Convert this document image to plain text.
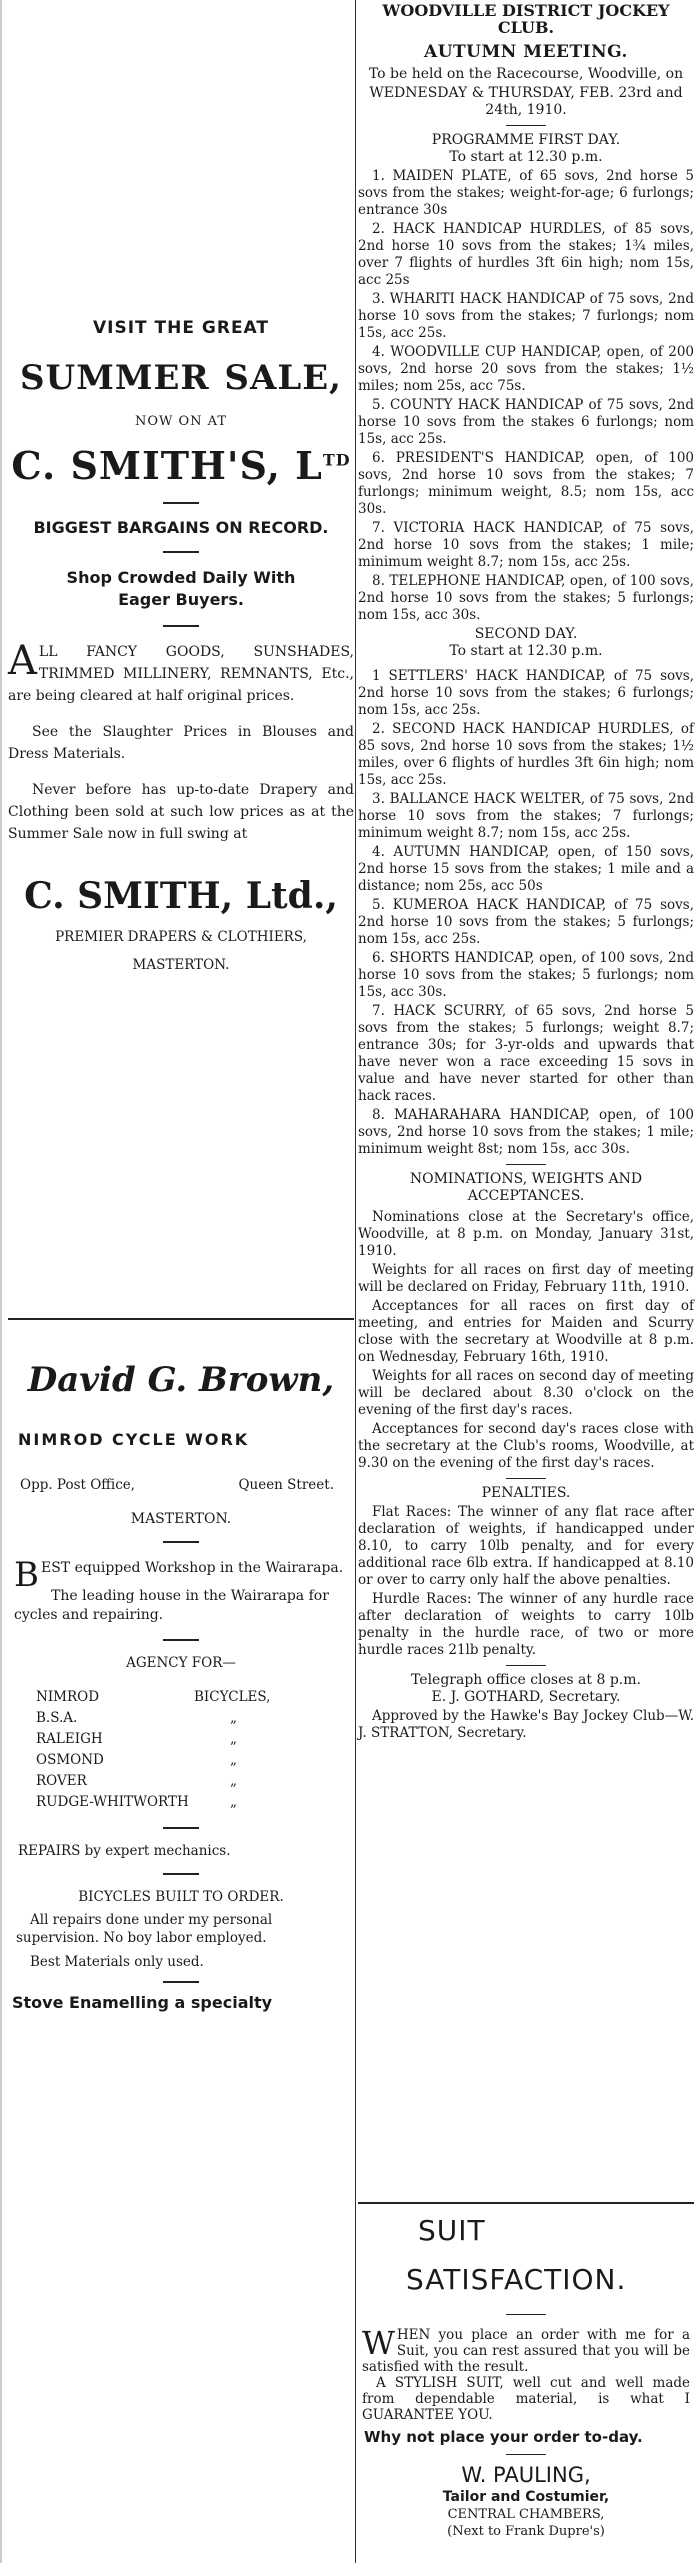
VISIT THE GREAT
SUMMER SALE,
NOW ON AT
C. SMITH'S, $L^{TD}$
BIGGEST BARGAINS ON RECORD.
Shop Crowded Daily With Eager Buyers.
ALL FANCY GOODS, SUNSHADES, TRIMMED MILLINERY, REMNANTS, Etc., are being cleared at half original prices.

See the Slaughter Prices in Blouses and Dress Materials.

Never before has up-to-date Drapery and Clothing been sold at such low prices as at the Summer Sale now in full swing at

C. SMITH, Ltd.,
PREMIER DRAPERS & CLOTHIERS,
MASTERTON.
David G. Brown,
NIMROD CYCLE WORK
Opp. Post Office,	Queen Street.
MASTERTON.
BEST equipped Workshop in the Wairarapa.

The leading house in the Wairarapa for cycles and repairing.

AGENCY FOR—
NIMROD	BICYCLES,
B.S.A.	„
RALEIGH	„
OSMOND	„
ROVER	„
RUDGE-WHITWORTH	„
REPAIRS by expert mechanics.
BICYCLES BUILT TO ORDER.

All repairs done under my personal supervision. No boy labor employed.

Best Materials only used.

Stove Enamelling a specialty
WOODVILLE DISTRICT JOCKEY CLUB.
AUTUMN MEETING.
To be held on the Racecourse, Woodville, on
WEDNESDAY & THURSDAY, FEB. 23rd and 24th, 1910.
PROGRAMME FIRST DAY.
To start at 12.30 p.m.

1. MAIDEN PLATE, of 65 sovs, 2nd horse 5 sovs from the stakes; weight-for-age; 6 furlongs; entrance 30s

2. HACK HANDICAP HURDLES, of 85 sovs, 2nd horse 10 sovs from the stakes; 1¾ miles, over 7 flights of hurdles 3ft 6in high; nom 15s, acc 25s

3. WHARITI HACK HANDICAP of 75 sovs, 2nd horse 10 sovs from the stakes; 7 furlongs; nom 15s, acc 25s.

4. WOODVILLE CUP HANDICAP, open, of 200 sovs, 2nd horse 20 sovs from the stakes; 1½ miles; nom 25s, acc 75s.

5. COUNTY HACK HANDICAP of 75 sovs, 2nd horse 10 sovs from the stakes 6 furlongs; nom 15s, acc 25s.

6. PRESIDENT'S HANDICAP, open, of 100 sovs, 2nd horse 10 sovs from the stakes; 7 furlongs; minimum weight, 8.5; nom 15s, acc 30s.

7. VICTORIA HACK HANDICAP, of 75 sovs, 2nd horse 10 sovs from the stakes; 1 mile; minimum weight 8.7; nom 15s, acc 25s.

8. TELEPHONE HANDICAP, open, of 100 sovs, 2nd horse 10 sovs from the stakes; 5 furlongs; nom 15s, acc 30s.

SECOND DAY.
To start at 12.30 p.m.

1 SETTLERS' HACK HANDICAP, of 75 sovs, 2nd horse 10 sovs from the stakes; 6 furlongs; nom 15s, acc 25s.

2. SECOND HACK HANDICAP HURDLES, of 85 sovs, 2nd horse 10 sovs from the stakes; 1½ miles, over 6 flights of hurdles 3ft 6in high; nom 15s, acc 25s.

3. BALLANCE HACK WELTER, of 75 sovs, 2nd horse 10 sovs from the stakes; 7 furlongs; minimum weight 8.7; nom 15s, acc 25s.

4. AUTUMN HANDICAP, open, of 150 sovs, 2nd horse 15 sovs from the stakes; 1 mile and a distance; nom 25s, acc 50s

5. KUMEROA HACK HANDICAP, of 75 sovs, 2nd horse 10 sovs from the stakes; 5 furlongs; nom 15s, acc 25s.

6. SHORTS HANDICAP, open, of 100 sovs, 2nd horse 10 sovs from the stakes; 5 furlongs; nom 15s, acc 30s.

7. HACK SCURRY, of 65 sovs, 2nd horse 5 sovs from the stakes; 5 furlongs; weight 8.7; entrance 30s; for 3-yr-olds and upwards that have never won a race exceeding 15 sovs in value and have never started for other than hack races.

8. MAHARAHARA HANDICAP, open, of 100 sovs, 2nd horse 10 sovs from the stakes; 1 mile; minimum weight 8st; nom 15s, acc 30s.

NOMINATIONS, WEIGHTS AND ACCEPTANCES.

Nominations close at the Secretary's office, Woodville, at 8 p.m. on Monday, January 31st, 1910.

Weights for all races on first day of meeting will be declared on Friday, February 11th, 1910.

Acceptances for all races on first day of meeting, and entries for Maiden and Scurry close with the secretary at Woodville at 8 p.m. on Wednesday, February 16th, 1910.

Weights for all races on second day of meeting will be declared about 8.30 o'clock on the evening of the first day's races.

Acceptances for second day's races close with the secretary at the Club's rooms, Woodville, at 9.30 on the evening of the first day's races.

PENALTIES.

Flat Races: The winner of any flat race after declaration of weights, if handicapped under 8.10, to carry 10lb penalty, and for every additional race 6lb extra. If handicapped at 8.10 or over to carry only half the above penalties.

Hurdle Races: The winner of any hurdle race after declaration of weights to carry 10lb penalty in the hurdle race, of two or more hurdle races 21lb penalty.

Telegraph office closes at 8 p.m.
E. J. GOTHARD, Secretary.

Approved by the Hawke's Bay Jockey Club—W. J. STRATTON, Secretary.

SUIT
SATISFACTION.
WHEN you place an order with me for a Suit, you can rest assured that you will be satisfied with the result.

A STYLISH SUIT, well cut and well made from dependable material, is what I GUARANTEE YOU.

Why not place your order to-day.
W. PAULING,
Tailor and Costumier,
CENTRAL CHAMBERS,
(Next to Frank Dupre's)
